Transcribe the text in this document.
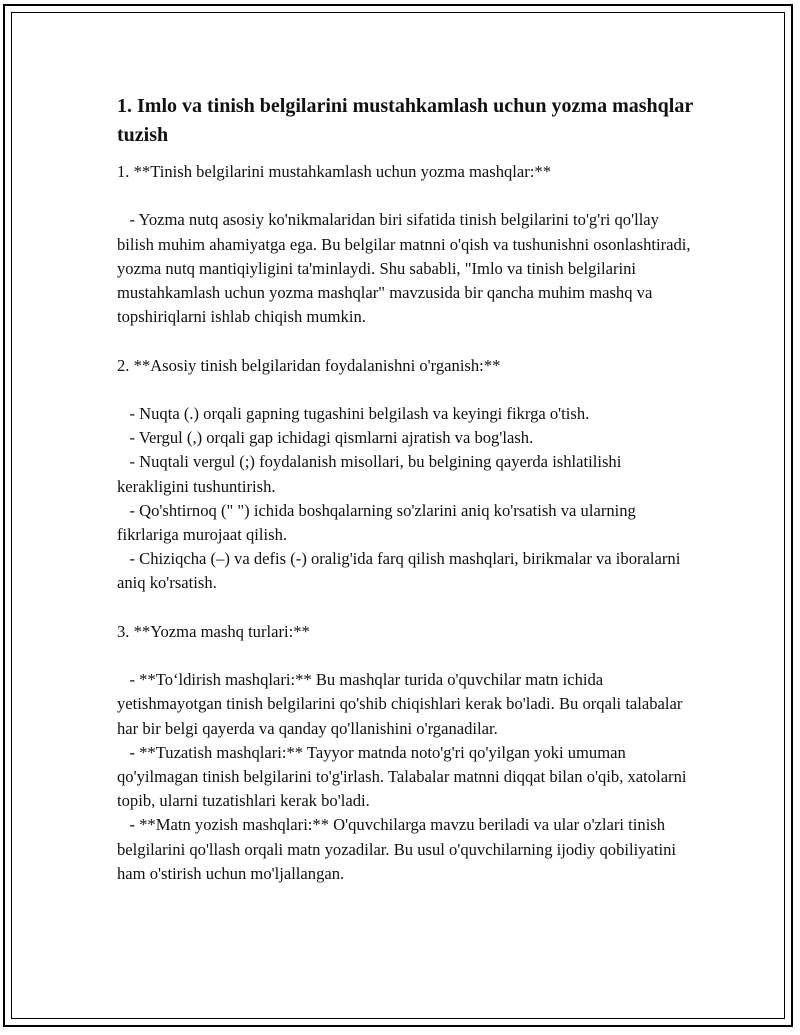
1. Imlo va tinish belgilarini mustahkamlash uchun yozma mashqlar tuzish

1. **Tinish belgilarini mustahkamlash uchun yozma mashqlar:**

- Yozma nutq asosiy ko'nikmalaridan biri sifatida tinish belgilarini to'g'ri qo'llay bilish muhim ahamiyatga ega. Bu belgilar matnni o'qish va tushunishni osonlashtiradi, yozma nutq mantiqiyligini ta'minlaydi. Shu sababli, "Imlo va tinish belgilarini mustahkamlash uchun yozma mashqlar" mavzusida bir qancha muhim mashq va topshiriqlarni ishlab chiqish mumkin.

2. **Asosiy tinish belgilaridan foydalanishni o'rganish:**

- Nuqta (.) orqali gapning tugashini belgilash va keyingi fikrga o'tish.

- Vergul (,) orqali gap ichidagi qismlarni ajratish va bog'lash.

- Nuqtali vergul (;) foydalanish misollari, bu belgining qayerda ishlatilishi kerakligini tushuntirish.

- Qo'shtirnoq (" ") ichida boshqalarning so'zlarini aniq ko'rsatish va ularning fikrlariga murojaat qilish.

- Chiziqcha (–) va defis (-) oralig'ida farq qilish mashqlari, birikmalar va iboralarni aniq ko'rsatish.

3. **Yozma mashq turlari:**

- **To‘ldirish mashqlari:** Bu mashqlar turida o'quvchilar matn ichida yetishmayotgan tinish belgilarini qo'shib chiqishlari kerak bo'ladi. Bu orqali talabalar har bir belgi qayerda va qanday qo'llanishini o'rganadilar.

- **Tuzatish mashqlari:** Tayyor matnda noto'g'ri qo'yilgan yoki umuman qo'yilmagan tinish belgilarini to'g'irlash. Talabalar matnni diqqat bilan o'qib, xatolarni topib, ularni tuzatishlari kerak bo'ladi.

- **Matn yozish mashqlari:** O'quvchilarga mavzu beriladi va ular o'zlari tinish belgilarini qo'llash orqali matn yozadilar. Bu usul o'quvchilarning ijodiy qobiliyatini ham o'stirish uchun mo'ljallangan.
